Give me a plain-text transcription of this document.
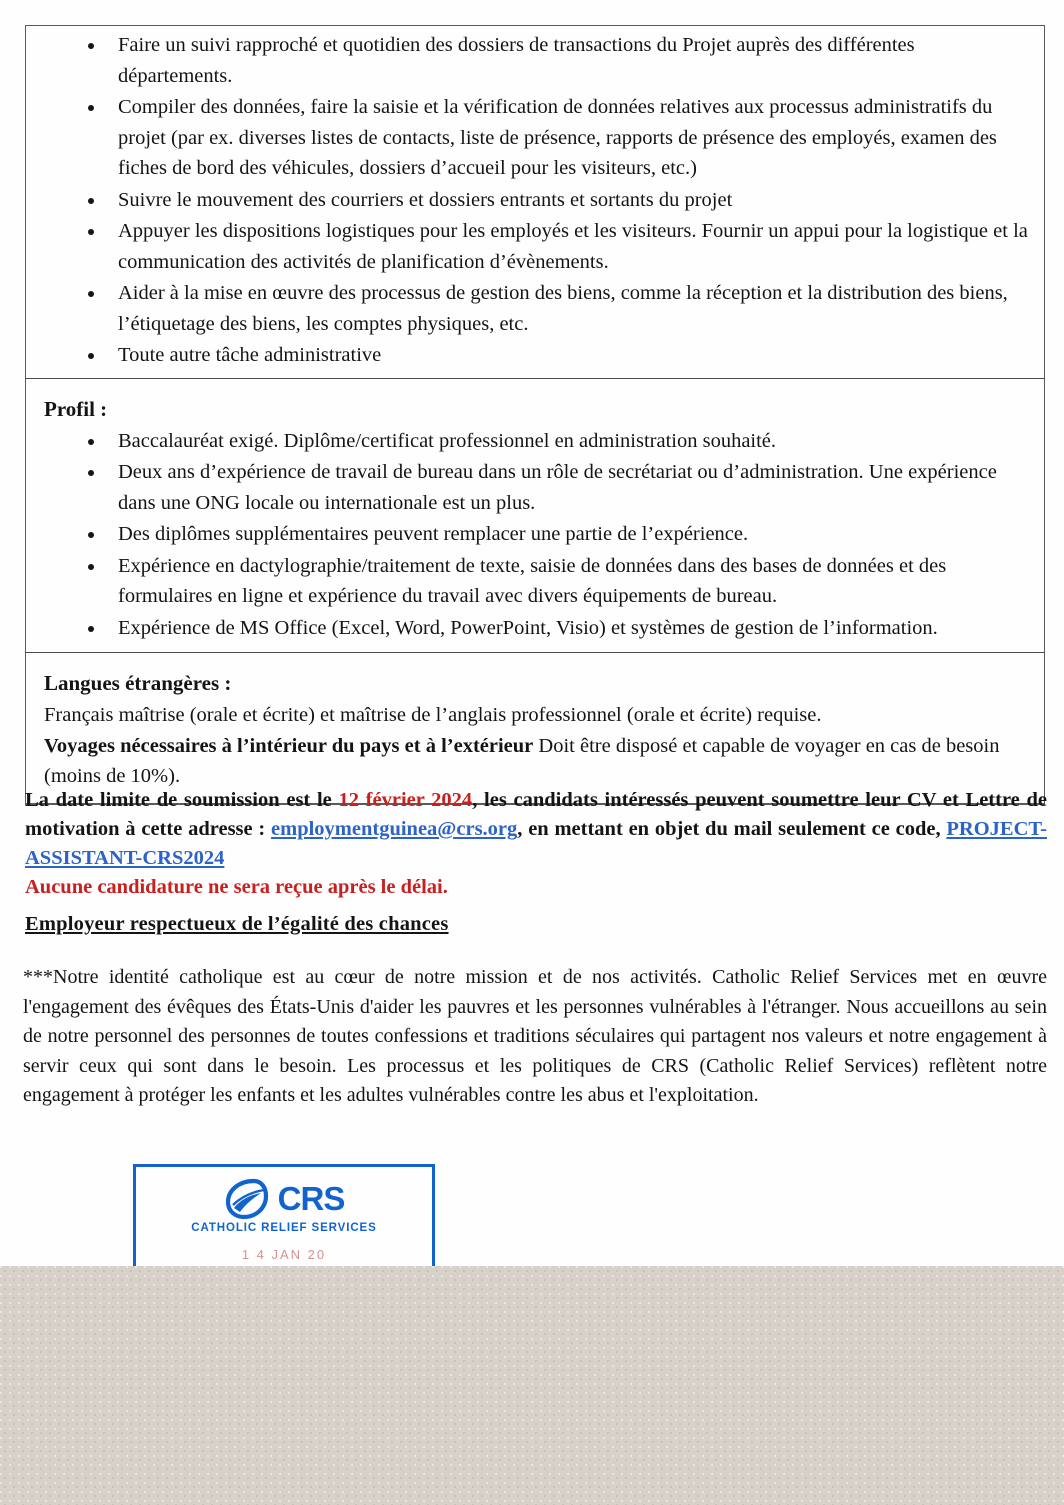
Faire un suivi rapproché et quotidien des dossiers de transactions du Projet auprès des différentes départements.
Compiler des données, faire la saisie et la vérification de données relatives aux processus administratifs du projet (par ex. diverses listes de contacts, liste de présence, rapports de présence des employés, examen des fiches de bord des véhicules, dossiers d’accueil pour les visiteurs, etc.)
Suivre le mouvement des courriers et dossiers entrants et sortants du projet
Appuyer les dispositions logistiques pour les employés et les visiteurs. Fournir un appui pour la logistique et la communication des activités de planification d’évènements.
Aider à la mise en œuvre des processus de gestion des biens, comme la réception et la distribution des biens, l’étiquetage des biens, les comptes physiques, etc.
Toute autre tâche administrative
Profil :
Baccalauréat exigé. Diplôme/certificat professionnel en administration souhaité.
Deux ans d’expérience de travail de bureau dans un rôle de secrétariat ou d’administration. Une expérience dans une ONG locale ou internationale est un plus.
Des diplômes supplémentaires peuvent remplacer une partie de l’expérience.
Expérience en dactylographie/traitement de texte, saisie de données dans des bases de données et des formulaires en ligne et expérience du travail avec divers équipements de bureau.
Expérience de MS Office (Excel, Word, PowerPoint, Visio) et systèmes de gestion de l’information.
Langues étrangères :
Français maîtrise (orale et écrite) et maîtrise de l’anglais professionnel (orale et écrite) requise.
Voyages nécessaires à l’intérieur du pays et à l’extérieur Doit être disposé et capable de voyager en cas de besoin (moins de 10%).
La date limite de soumission est le 12 février 2024, les candidats intéressés peuvent soumettre leur CV et Lettre de motivation à cette adresse : employmentguinea@crs.org, en mettant en objet du mail seulement ce code, PROJECT-ASSISTANT-CRS2024
Aucune candidature ne sera reçue après le délai.
Employeur respectueux de l’égalité des chances
***Notre identité catholique est au cœur de notre mission et de nos activités. Catholic Relief Services met en œuvre l'engagement des évêques des États-Unis d'aider les pauvres et les personnes vulnérables à l'étranger. Nous accueillons au sein de notre personnel des personnes de toutes confessions et traditions séculaires qui partagent nos valeurs et notre engagement à servir ceux qui sont dans le besoin. Les processus et les politiques de CRS (Catholic Relief Services) reflètent notre engagement à protéger les enfants et les adultes vulnérables contre les abus et l'exploitation.
CRS
CATHOLIC RELIEF SERVICES
1 4 JAN 20
